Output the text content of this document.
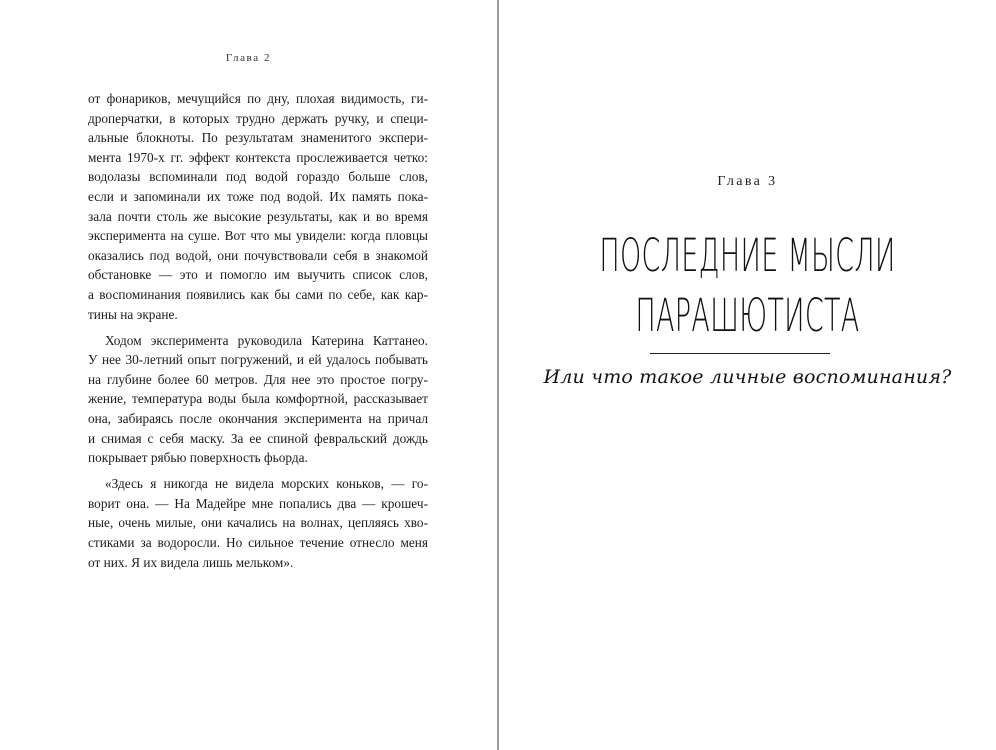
Глава 2

от фонариков, мечущийся по дну, плохая видимость, ги-
дроперчатки, в которых трудно держать ручку, и специ-
альные блокноты. По результатам знаменитого экспери-
мента 1970-х гг. эффект контекста прослеживается четко:
водолазы вспоминали под водой гораздо больше слов,
если и запоминали их тоже под водой. Их память пока-
зала почти столь же высокие результаты, как и во время
эксперимента на суше. Вот что мы увидели: когда пловцы
оказались под водой, они почувствовали себя в знакомой
обстановке — это и помогло им выучить список слов,
а воспоминания появились как бы сами по себе, как кар-
тины на экране.

Ходом эксперимента руководила Катерина Каттанео.
У нее 30-летний опыт погружений, и ей удалось побывать
на глубине более 60 метров. Для нее это простое погру-
жение, температура воды была комфортной, рассказывает
она, забираясь после окончания эксперимента на причал
и снимая с себя маску. За ее спиной февральский дождь
покрывает рябью поверхность фьорда.

«Здесь я никогда не видела морских коньков, — го-
ворит она. — На Мадейре мне попались два — крошеч-
ные, очень милые, они качались на волнах, цепляясь хво-
стиками за водоросли. Но сильное течение отнесло меня
от них. Я их видела лишь мельком».

Глава 3
ПОСЛЕДНИЕ МЫСЛИ
ПАРАШЮТИСТА
Или что такое личные воспоминания?
